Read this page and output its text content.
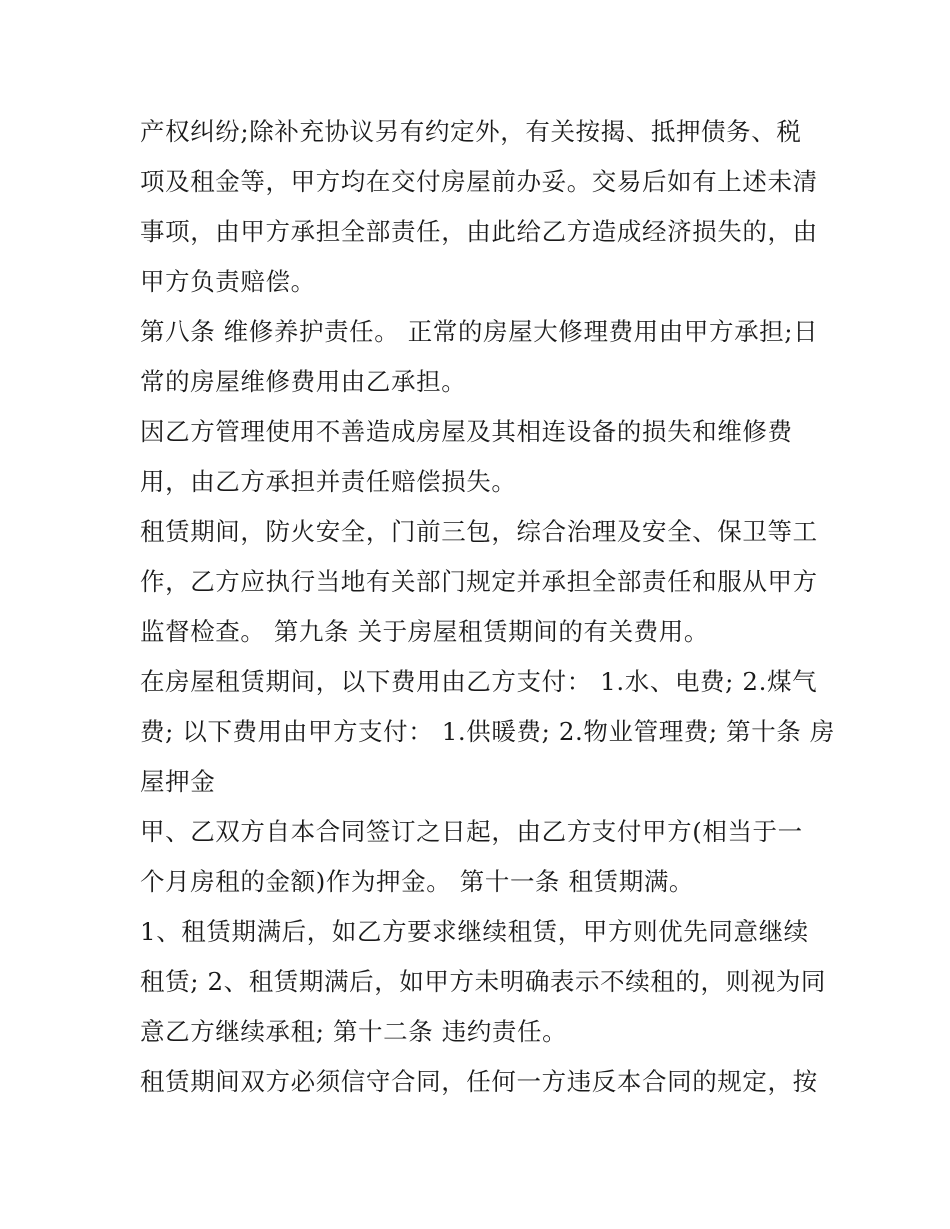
产权纠纷;除补充协议另有约定外，有关按揭、抵押债务、税
项及租金等，甲方均在交付房屋前办妥。交易后如有上述未清
事项，由甲方承担全部责任，由此给乙方造成经济损失的，由
甲方负责赔偿。
第八条 维修养护责任。 正常的房屋大修理费用由甲方承担;日
常的房屋维修费用由乙承担。
因乙方管理使用不善造成房屋及其相连设备的损失和维修费
用，由乙方承担并责任赔偿损失。
租赁期间，防火安全，门前三包，综合治理及安全、保卫等工
作，乙方应执行当地有关部门规定并承担全部责任和服从甲方
监督检查。 第九条 关于房屋租赁期间的有关费用。
在房屋租赁期间，以下费用由乙方支付： 1.水、电费; 2.煤气
费; 以下费用由甲方支付： 1.供暖费; 2.物业管理费; 第十条 房
屋押金
甲、乙双方自本合同签订之日起，由乙方支付甲方(相当于一
个月房租的金额)作为押金。 第十一条 租赁期满。
1、租赁期满后，如乙方要求继续租赁，甲方则优先同意继续
租赁; 2、租赁期满后，如甲方未明确表示不续租的，则视为同
意乙方继续承租; 第十二条 违约责任。
租赁期间双方必须信守合同，任何一方违反本合同的规定，按
